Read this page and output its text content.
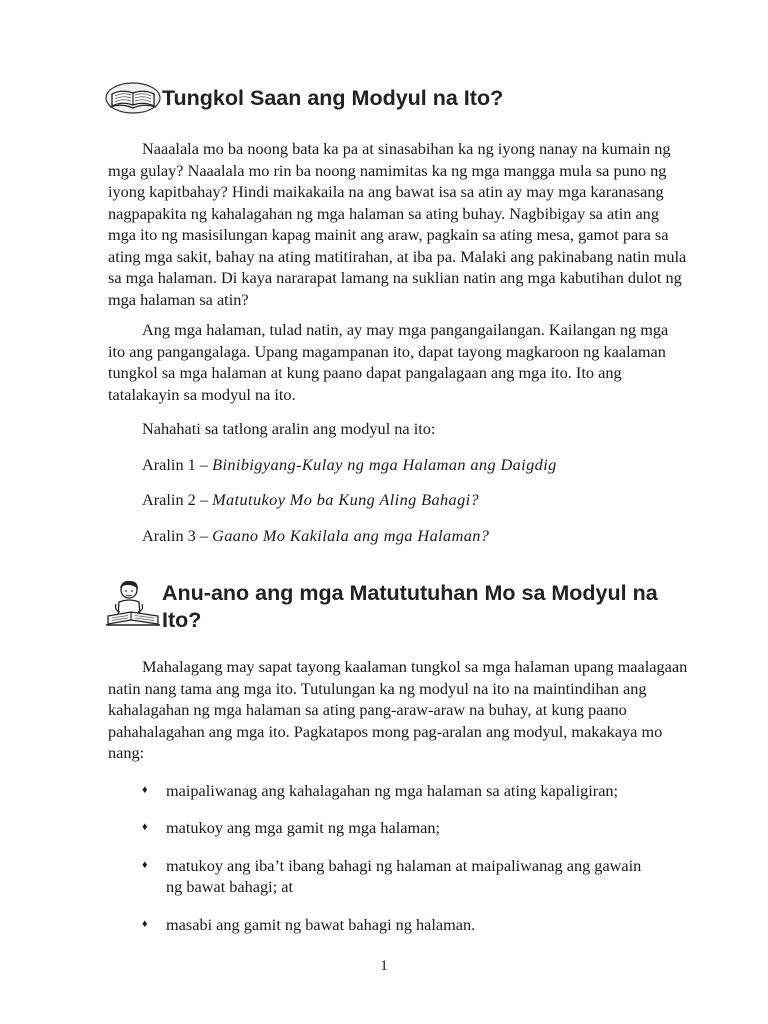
Tungkol Saan ang Modyul na Ito?

Naaalala mo ba noong bata ka pa at sinasabihan ka ng iyong nanay na kumain ng mga gulay? Naaalala mo rin ba noong namimitas ka ng mga mangga mula sa puno ng iyong kapitbahay? Hindi maikakaila na ang bawat isa sa atin ay may mga karanasang nagpapakita ng kahalagahan ng mga halaman sa ating buhay. Nagbibigay sa atin ang mga ito ng masisilungan kapag mainit ang araw, pagkain sa ating mesa, gamot para sa ating mga sakit, bahay na ating matitirahan, at iba pa. Malaki ang pakinabang natin mula sa mga halaman. Di kaya nararapat lamang na suklian natin ang mga kabutihan dulot ng mga halaman sa atin?

Ang mga halaman, tulad natin, ay may mga pangangailangan. Kailangan ng mga ito ang pangangalaga. Upang magampanan ito, dapat tayong magkaroon ng kaalaman tungkol sa mga halaman at kung paano dapat pangalagaan ang mga ito. Ito ang tatalakayin sa modyul na ito.

Nahahati sa tatlong aralin ang modyul na ito:

Aralin 1 – Binibigyang-Kulay ng mga Halaman ang Daigdig
Aralin 2 – Matutukoy Mo ba Kung Aling Bahagi?
Aralin 3 – Gaano Mo Kakilala ang mga Halaman?
Anu-ano ang mga Matututuhan Mo sa Modyul na Ito?

Mahalagang may sapat tayong kaalaman tungkol sa mga halaman upang maalagaan natin nang tama ang mga ito. Tutulungan ka ng modyul na ito na maintindihan ang kahalagahan ng mga halaman sa ating pang-araw-araw na buhay, at kung paano pahahalagahan ang mga ito. Pagkatapos mong pag-aralan ang modyul, makakaya mo nang:

♦ maipaliwanag ang kahalagahan ng mga halaman sa ating kapaligiran;
♦ matukoy ang mga gamit ng mga halaman;
♦ matukoy ang iba’t ibang bahagi ng halaman at maipaliwanag ang gawain ng bawat bahagi; at
♦ masabi ang gamit ng bawat bahagi ng halaman.
1
